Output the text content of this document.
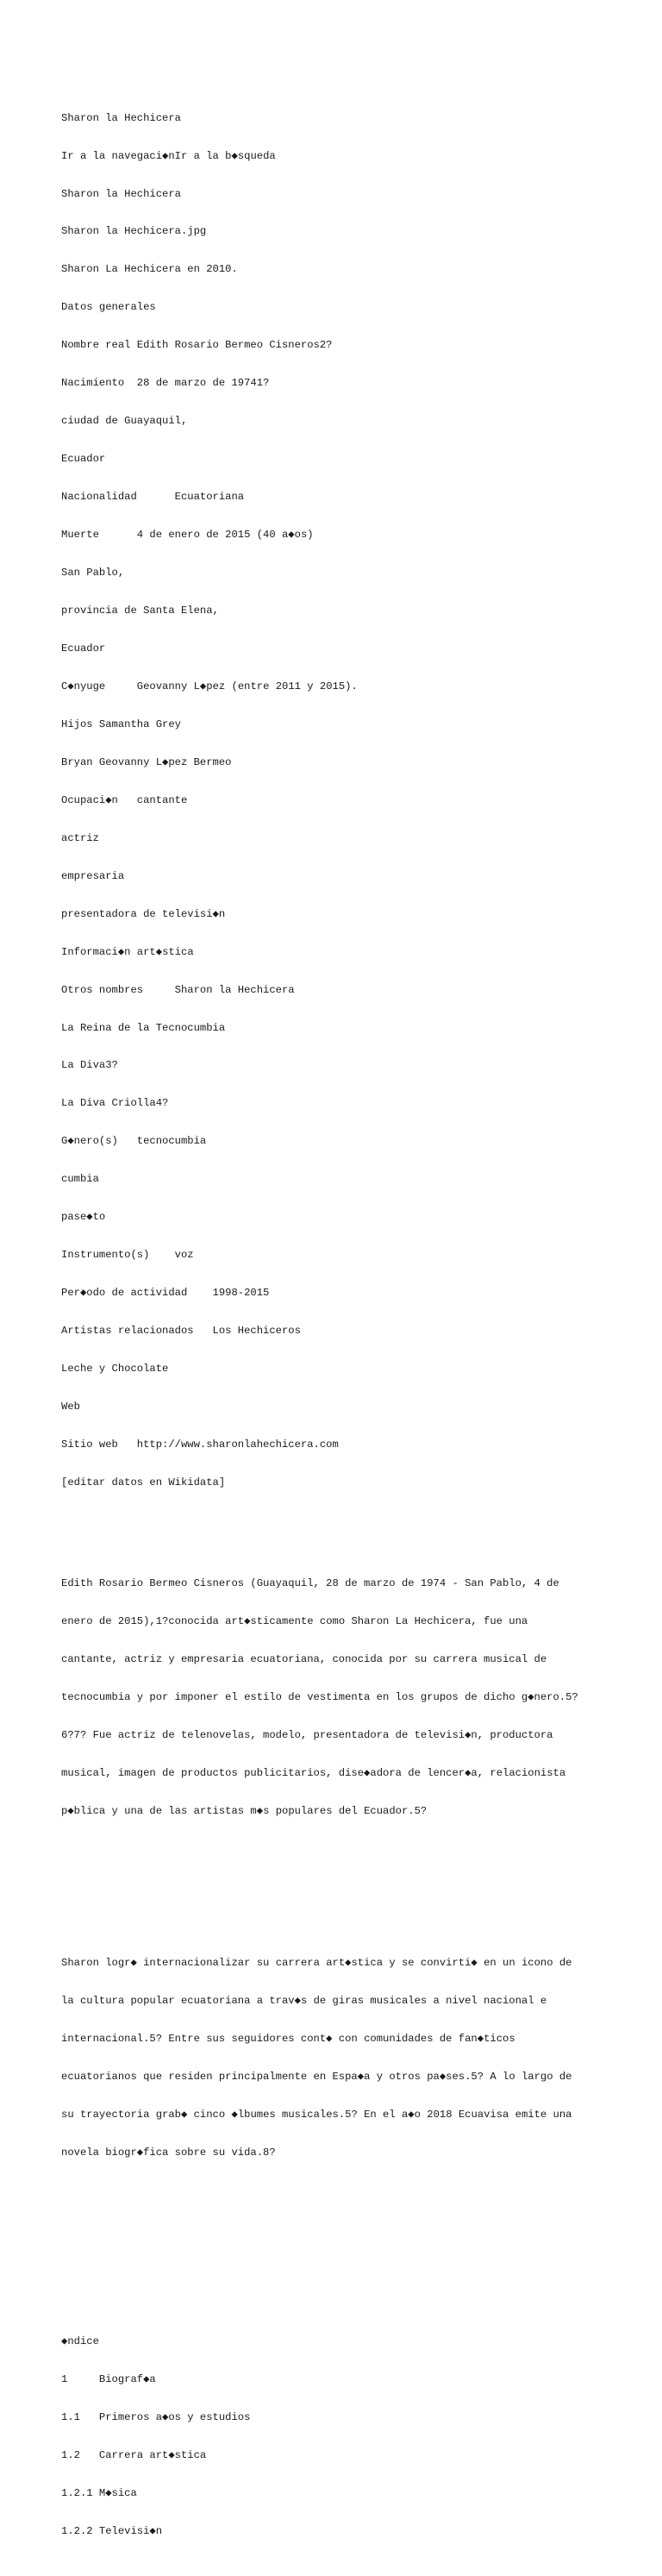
Sharon la Hechicera

Ir a la navegaci◆nIr a la b◆squeda

Sharon la Hechicera

Sharon la Hechicera.jpg

Sharon La Hechicera en 2010.

Datos generales

Nombre real Edith Rosario Bermeo Cisneros2?

Nacimiento  28 de marzo de 19741?

ciudad de Guayaquil,

Ecuador

Nacionalidad      Ecuatoriana

Muerte      4 de enero de 2015 (40 a◆os)

San Pablo,

provincia de Santa Elena,

Ecuador

C◆nyuge     Geovanny L◆pez (entre 2011 y 2015).

Hijos Samantha Grey

Bryan Geovanny L◆pez Bermeo

Ocupaci◆n   cantante

actriz

empresaria

presentadora de televisi◆n

Informaci◆n art◆stica

Otros nombres     Sharon la Hechicera

La Reina de la Tecnocumbia

La Diva3?

La Diva Criolla4?

G◆nero(s)   tecnocumbia

cumbia

pase◆to

Instrumento(s)    voz

Per◆odo de actividad    1998-2015

Artistas relacionados   Los Hechiceros

Leche y Chocolate

Web

Sitio web   http://www.sharonlahechicera.com

[editar datos en Wikidata]

Edith Rosario Bermeo Cisneros (Guayaquil, 28 de marzo de 1974 - San Pablo, 4 de

enero de 2015),1?conocida art◆sticamente como Sharon La Hechicera, fue una

cantante, actriz y empresaria ecuatoriana, conocida por su carrera musical de

tecnocumbia y por imponer el estilo de vestimenta en los grupos de dicho g◆nero.5?

6?7? Fue actriz de telenovelas, modelo, presentadora de televisi◆n, productora

musical, imagen de productos publicitarios, dise◆adora de lencer◆a, relacionista

p◆blica y una de las artistas m◆s populares del Ecuador.5?

Sharon logr◆ internacionalizar su carrera art◆stica y se convirti◆ en un icono de

la cultura popular ecuatoriana a trav◆s de giras musicales a nivel nacional e

internacional.5? Entre sus seguidores cont◆ con comunidades de fan◆ticos

ecuatorianos que residen principalmente en Espa◆a y otros pa◆ses.5? A lo largo de

su trayectoria grab◆ cinco ◆lbumes musicales.5? En el a◆o 2018 Ecuavisa emite una

novela biogr◆fica sobre su vida.8?

◆ndice

1     Biograf◆a

1.1   Primeros a◆os y estudios

1.2   Carrera art◆stica

1.2.1 M◆sica

1.2.2 Televisi◆n
